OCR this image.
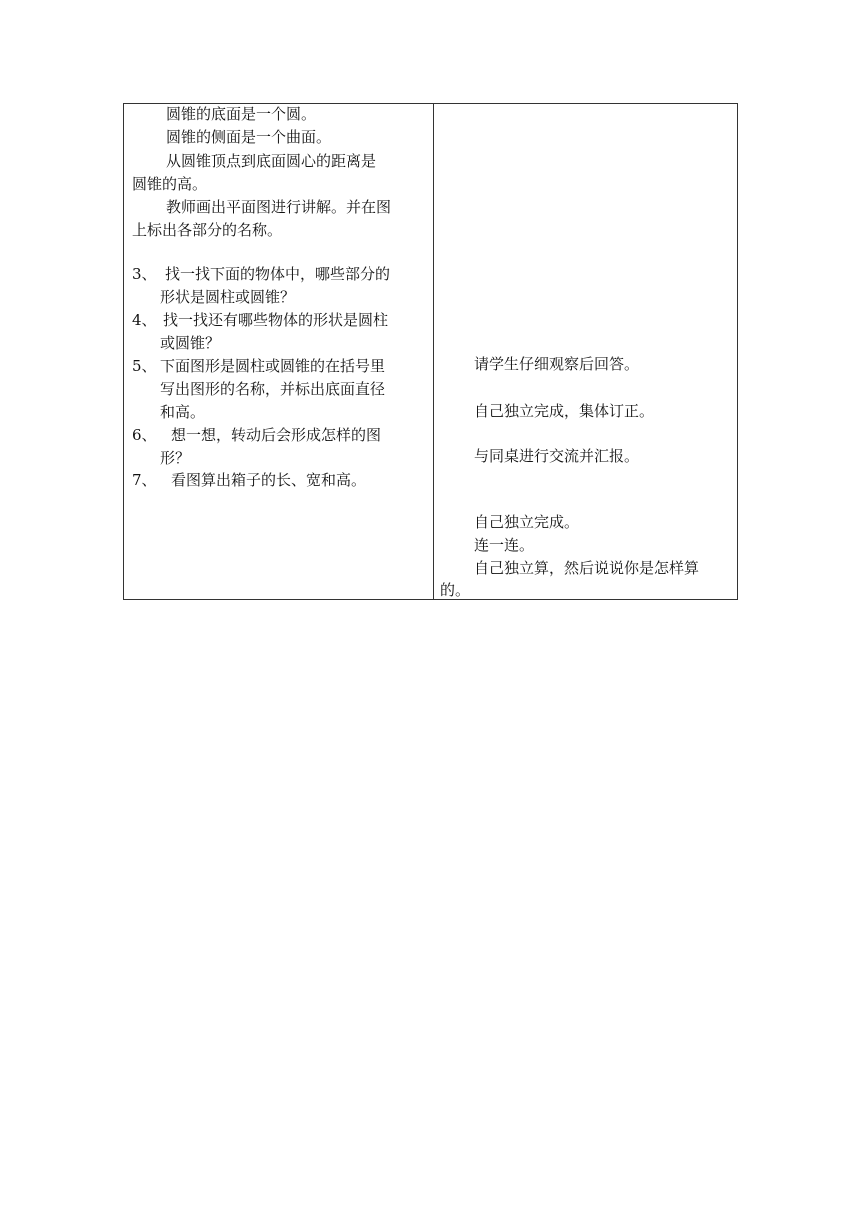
圆锥的底面是一个圆。
圆锥的侧面是一个曲面。
从圆锥顶点到底面圆心的距离是
圆锥的高。
教师画出平面图进行讲解。并在图
上标出各部分的名称。
3、 找一找下面的物体中，哪些部分的
形状是圆柱或圆锥？
4、 找一找还有哪些物体的形状是圆柱
或圆锥？
5、 下面图形是圆柱或圆锥的在括号里
写出图形的名称，并标出底面直径
和高。
6、 想一想，转动后会形成怎样的图
形？
7、 看图算出箱子的长、宽和高。
请学生仔细观察后回答。
自己独立完成，集体订正。
与同桌进行交流并汇报。
自己独立完成。
连一连。
自己独立算，然后说说你是怎样算
的。
